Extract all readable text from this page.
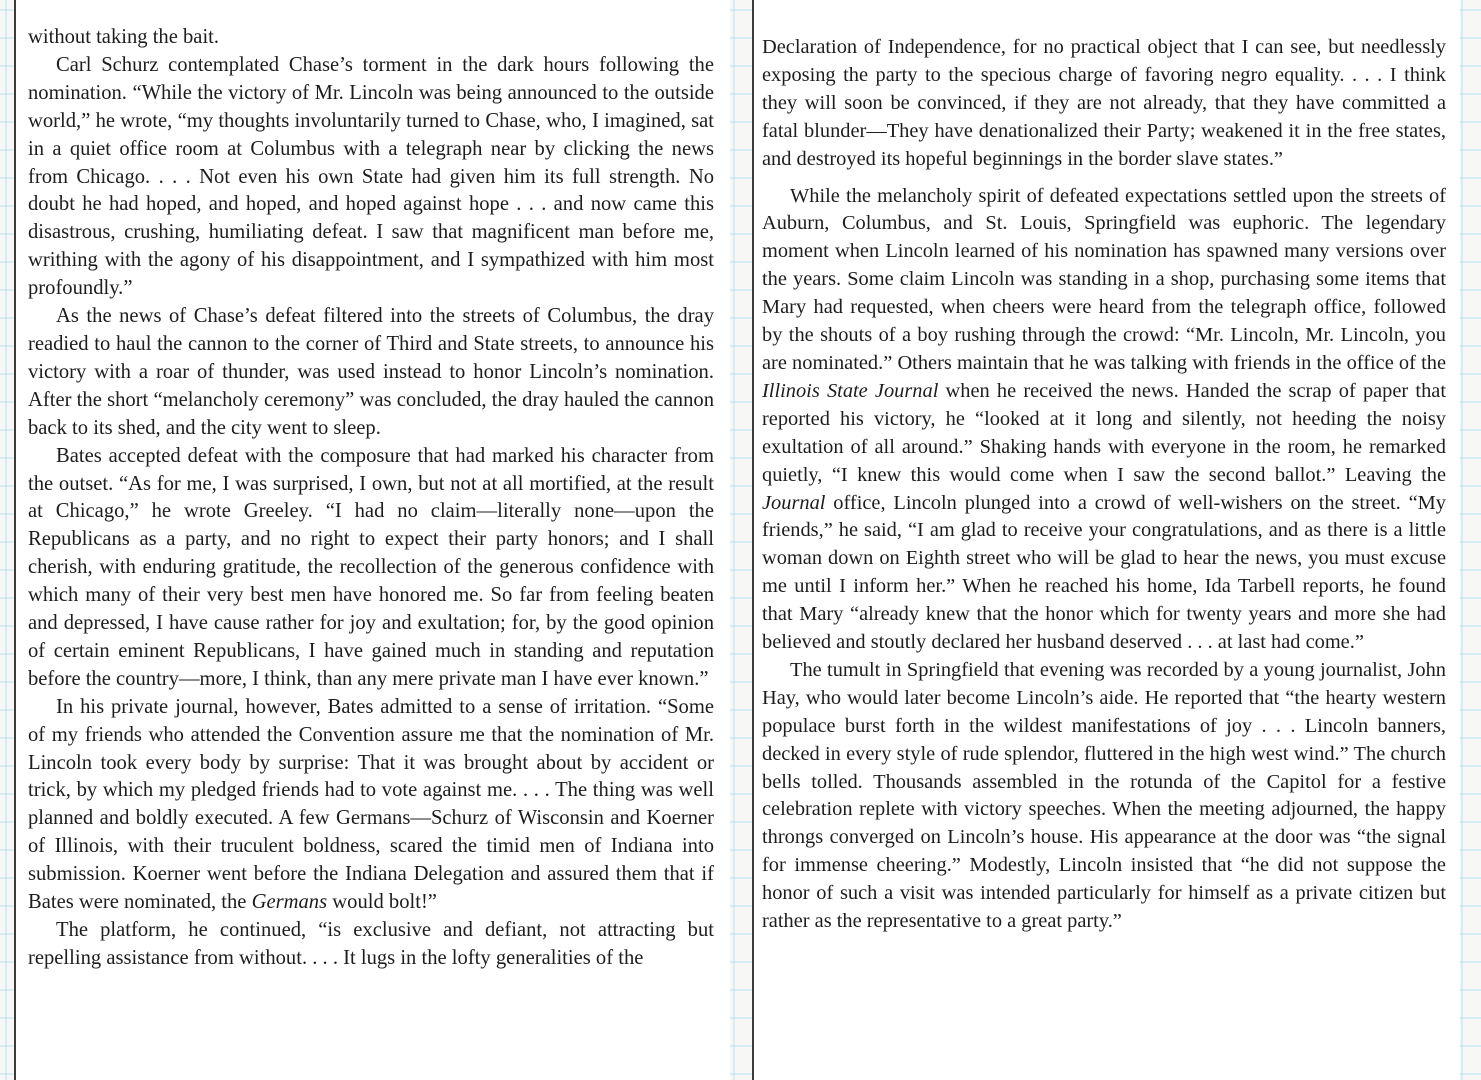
without taking the bait.

Carl Schurz contemplated Chase’s torment in the dark hours following the nomination. “While the victory of Mr. Lincoln was being announced to the outside world,” he wrote, “my thoughts involuntarily turned to Chase, who, I imagined, sat in a quiet office room at Columbus with a telegraph near by clicking the news from Chicago. . . . Not even his own State had given him its full strength. No doubt he had hoped, and hoped, and hoped against hope . . . and now came this disastrous, crushing, humiliating defeat. I saw that magnificent man before me, writhing with the agony of his disappointment, and I sympathized with him most profoundly.”

As the news of Chase’s defeat filtered into the streets of Columbus, the dray readied to haul the cannon to the corner of Third and State streets, to announce his victory with a roar of thunder, was used instead to honor Lincoln’s nomination. After the short “melancholy ceremony” was concluded, the dray hauled the cannon back to its shed, and the city went to sleep.

Bates accepted defeat with the composure that had marked his character from the outset. “As for me, I was surprised, I own, but not at all mortified, at the result at Chicago,” he wrote Greeley. “I had no claim—literally none—upon the Republicans as a party, and no right to expect their party honors; and I shall cherish, with enduring gratitude, the recollection of the generous confidence with which many of their very best men have honored me. So far from feeling beaten and depressed, I have cause rather for joy and exultation; for, by the good opinion of certain eminent Republicans, I have gained much in standing and reputation before the country—more, I think, than any mere private man I have ever known.”

In his private journal, however, Bates admitted to a sense of irritation. “Some of my friends who attended the Convention assure me that the nomination of Mr. Lincoln took every body by surprise: That it was brought about by accident or trick, by which my pledged friends had to vote against me. . . . The thing was well planned and boldly executed. A few Germans—Schurz of Wisconsin and Koerner of Illinois, with their truculent boldness, scared the timid men of Indiana into submission. Koerner went before the Indiana Delegation and assured them that if Bates were nominated, the Germans would bolt!”

The platform, he continued, “is exclusive and defiant, not attracting but repelling assistance from without. . . . It lugs in the lofty generalities of the

Declaration of Independence, for no practical object that I can see, but needlessly exposing the party to the specious charge of favoring negro equality. . . . I think they will soon be convinced, if they are not already, that they have committed a fatal blunder—They have denationalized their Party; weakened it in the free states, and destroyed its hopeful beginnings in the border slave states.”

While the melancholy spirit of defeated expectations settled upon the streets of Auburn, Columbus, and St. Louis, Springfield was euphoric. The legendary moment when Lincoln learned of his nomination has spawned many versions over the years. Some claim Lincoln was standing in a shop, purchasing some items that Mary had requested, when cheers were heard from the telegraph office, followed by the shouts of a boy rushing through the crowd: “Mr. Lincoln, Mr. Lincoln, you are nominated.” Others maintain that he was talking with friends in the office of the Illinois State Journal when he received the news. Handed the scrap of paper that reported his victory, he “looked at it long and silently, not heeding the noisy exultation of all around.” Shaking hands with everyone in the room, he remarked quietly, “I knew this would come when I saw the second ballot.” Leaving the Journal office, Lincoln plunged into a crowd of well-wishers on the street. “My friends,” he said, “I am glad to receive your congratulations, and as there is a little woman down on Eighth street who will be glad to hear the news, you must excuse me until I inform her.” When he reached his home, Ida Tarbell reports, he found that Mary “already knew that the honor which for twenty years and more she had believed and stoutly declared her husband deserved . . . at last had come.”

The tumult in Springfield that evening was recorded by a young journalist, John Hay, who would later become Lincoln’s aide. He reported that “the hearty western populace burst forth in the wildest manifestations of joy . . . Lincoln banners, decked in every style of rude splendor, fluttered in the high west wind.” The church bells tolled. Thousands assembled in the rotunda of the Capitol for a festive celebration replete with victory speeches. When the meeting adjourned, the happy throngs converged on Lincoln’s house. His appearance at the door was “the signal for immense cheering.” Modestly, Lincoln insisted that “he did not suppose the honor of such a visit was intended particularly for himself as a private citizen but rather as the representative to a great party.”
